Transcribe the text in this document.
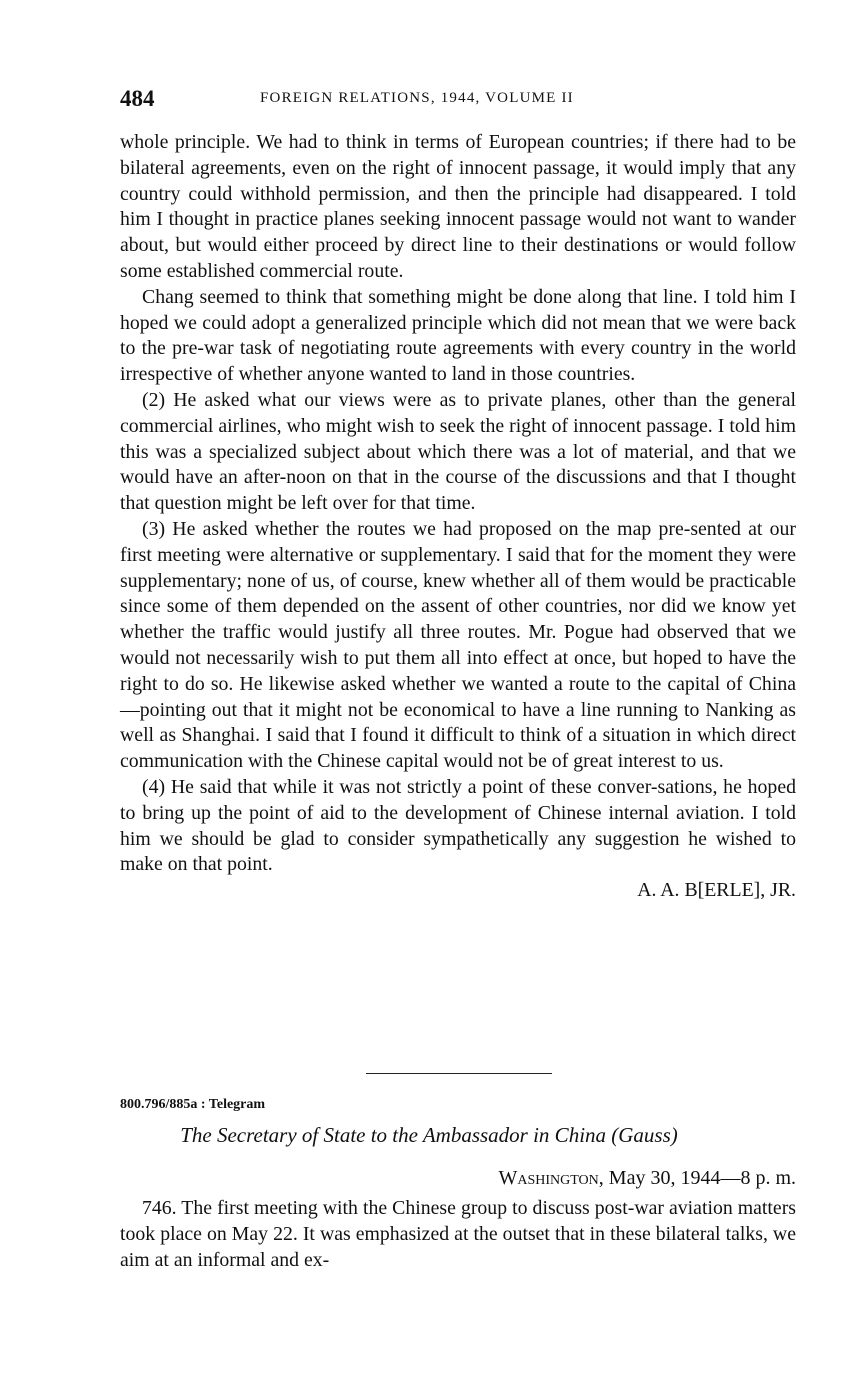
484	FOREIGN RELATIONS, 1944, VOLUME II

whole principle. We had to think in terms of European countries; if there had to be bilateral agreements, even on the right of innocent passage, it would imply that any country could withhold permission, and then the principle had disappeared. I told him I thought in practice planes seeking innocent passage would not want to wander about, but would either proceed by direct line to their destinations or would follow some established commercial route.

Chang seemed to think that something might be done along that line. I told him I hoped we could adopt a generalized principle which did not mean that we were back to the pre-war task of negotiating route agreements with every country in the world irrespective of whether anyone wanted to land in those countries.

(2) He asked what our views were as to private planes, other than the general commercial airlines, who might wish to seek the right of innocent passage. I told him this was a specialized subject about which there was a lot of material, and that we would have an after-noon on that in the course of the discussions and that I thought that question might be left over for that time.

(3) He asked whether the routes we had proposed on the map pre-sented at our first meeting were alternative or supplementary. I said that for the moment they were supplementary; none of us, of course, knew whether all of them would be practicable since some of them depended on the assent of other countries, nor did we know yet whether the traffic would justify all three routes. Mr. Pogue had observed that we would not necessarily wish to put them all into effect at once, but hoped to have the right to do so. He likewise asked whether we wanted a route to the capital of China—pointing out that it might not be economical to have a line running to Nanking as well as Shanghai. I said that I found it difficult to think of a situation in which direct communication with the Chinese capital would not be of great interest to us.

(4) He said that while it was not strictly a point of these conver-sations, he hoped to bring up the point of aid to the development of Chinese internal aviation. I told him we should be glad to consider sympathetically any suggestion he wished to make on that point.

A. A. B[ERLE], JR.

800.796/885a : Telegram
The Secretary of State to the Ambassador in China (Gauss)
Washington, May 30, 1944—8 p. m.

746. The first meeting with the Chinese group to discuss post-war aviation matters took place on May 22. It was emphasized at the outset that in these bilateral talks, we aim at an informal and ex-
